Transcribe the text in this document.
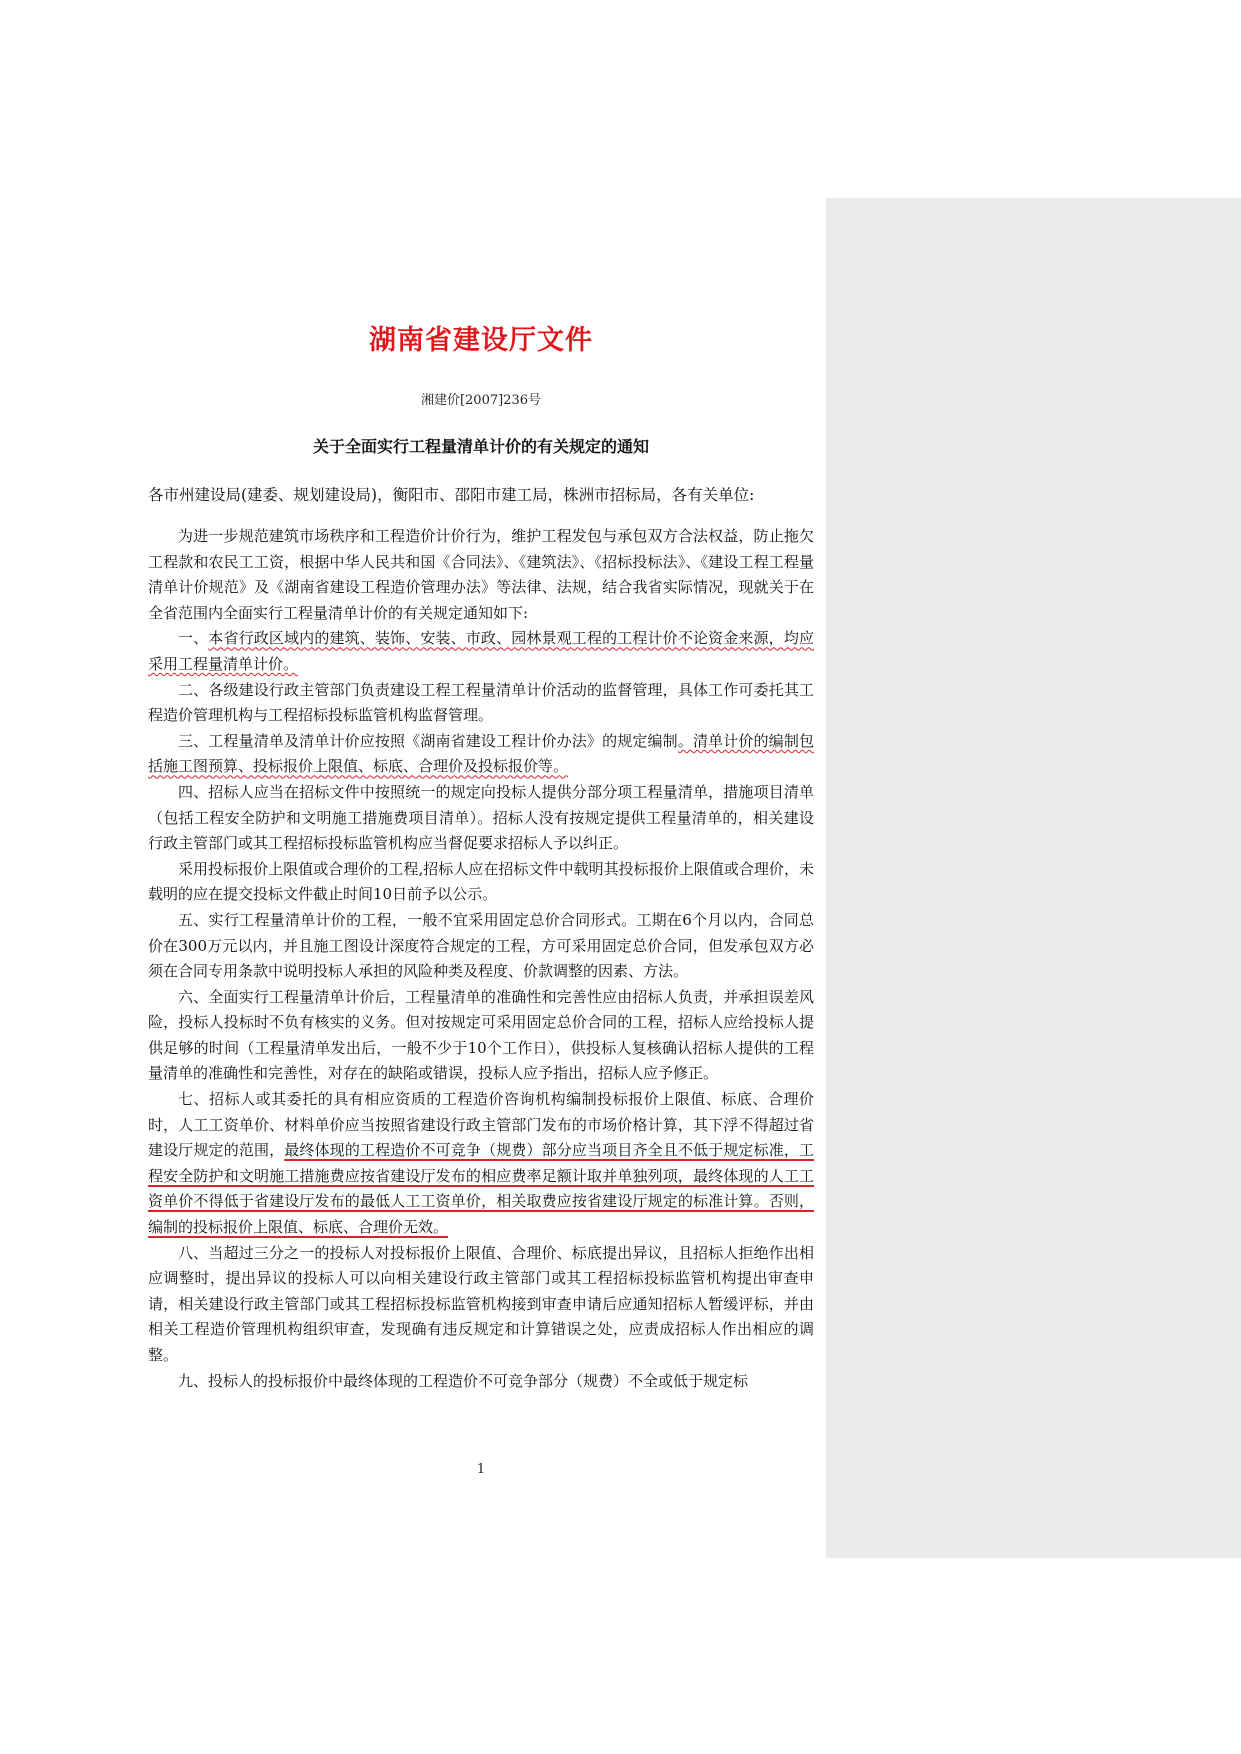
湖南省建设厅文件
湘建价[2007]236号
关于全面实行工程量清单计价的有关规定的通知
各市州建设局(建委、规划建设局)，衡阳市、邵阳市建工局，株洲市招标局，各有关单位:

为进一步规范建筑市场秩序和工程造价计价行为，维护工程发包与承包双方合法权益，防止拖欠工程款和农民工工资，根据中华人民共和国《合同法》、《建筑法》、《招标投标法》、《建设工程工程量清单计价规范》及《湖南省建设工程造价管理办法》等法律、法规，结合我省实际情况，现就关于在全省范围内全面实行工程量清单计价的有关规定通知如下:

一、本省行政区域内的建筑、装饰、安装、市政、园林景观工程的工程计价不论资金来源，均应采用工程量清单计价。

二、各级建设行政主管部门负责建设工程工程量清单计价活动的监督管理，具体工作可委托其工程造价管理机构与工程招标投标监管机构监督管理。

三、工程量清单及清单计价应按照《湖南省建设工程计价办法》的规定编制。清单计价的编制包括施工图预算、投标报价上限值、标底、合理价及投标报价等。

四、招标人应当在招标文件中按照统一的规定向投标人提供分部分项工程量清单，措施项目清单（包括工程安全防护和文明施工措施费项目清单）。招标人没有按规定提供工程量清单的，相关建设行政主管部门或其工程招标投标监管机构应当督促要求招标人予以纠正。

采用投标报价上限值或合理价的工程,招标人应在招标文件中载明其投标报价上限值或合理价，未载明的应在提交投标文件截止时间10日前予以公示。

五、实行工程量清单计价的工程，一般不宜采用固定总价合同形式。工期在6个月以内，合同总价在300万元以内，并且施工图设计深度符合规定的工程，方可采用固定总价合同，但发承包双方必须在合同专用条款中说明投标人承担的风险种类及程度、价款调整的因素、方法。

六、全面实行工程量清单计价后，工程量清单的准确性和完善性应由招标人负责，并承担误差风险，投标人投标时不负有核实的义务。但对按规定可采用固定总价合同的工程，招标人应给投标人提供足够的时间（工程量清单发出后，一般不少于10个工作日），供投标人复核确认招标人提供的工程量清单的准确性和完善性，对存在的缺陷或错误，投标人应予指出，招标人应予修正。

七、招标人或其委托的具有相应资质的工程造价咨询机构编制投标报价上限值、标底、合理价时，人工工资单价、材料单价应当按照省建设行政主管部门发布的市场价格计算，其下浮不得超过省建设厅规定的范围，最终体现的工程造价不可竞争（规费）部分应当项目齐全且不低于规定标准，工程安全防护和文明施工措施费应按省建设厅发布的相应费率足额计取并单独列项，最终体现的人工工资单价不得低于省建设厅发布的最低人工工资单价，相关取费应按省建设厅规定的标准计算。否则，编制的投标报价上限值、标底、合理价无效。

八、当超过三分之一的投标人对投标报价上限值、合理价、标底提出异议，且招标人拒绝作出相应调整时，提出异议的投标人可以向相关建设行政主管部门或其工程招标投标监管机构提出审查申请，相关建设行政主管部门或其工程招标投标监管机构接到审查申请后应通知招标人暂缓评标，并由相关工程造价管理机构组织审查，发现确有违反规定和计算错误之处，应责成招标人作出相应的调整。

九、投标人的投标报价中最终体现的工程造价不可竞争部分（规费）不全或低于规定标

1
